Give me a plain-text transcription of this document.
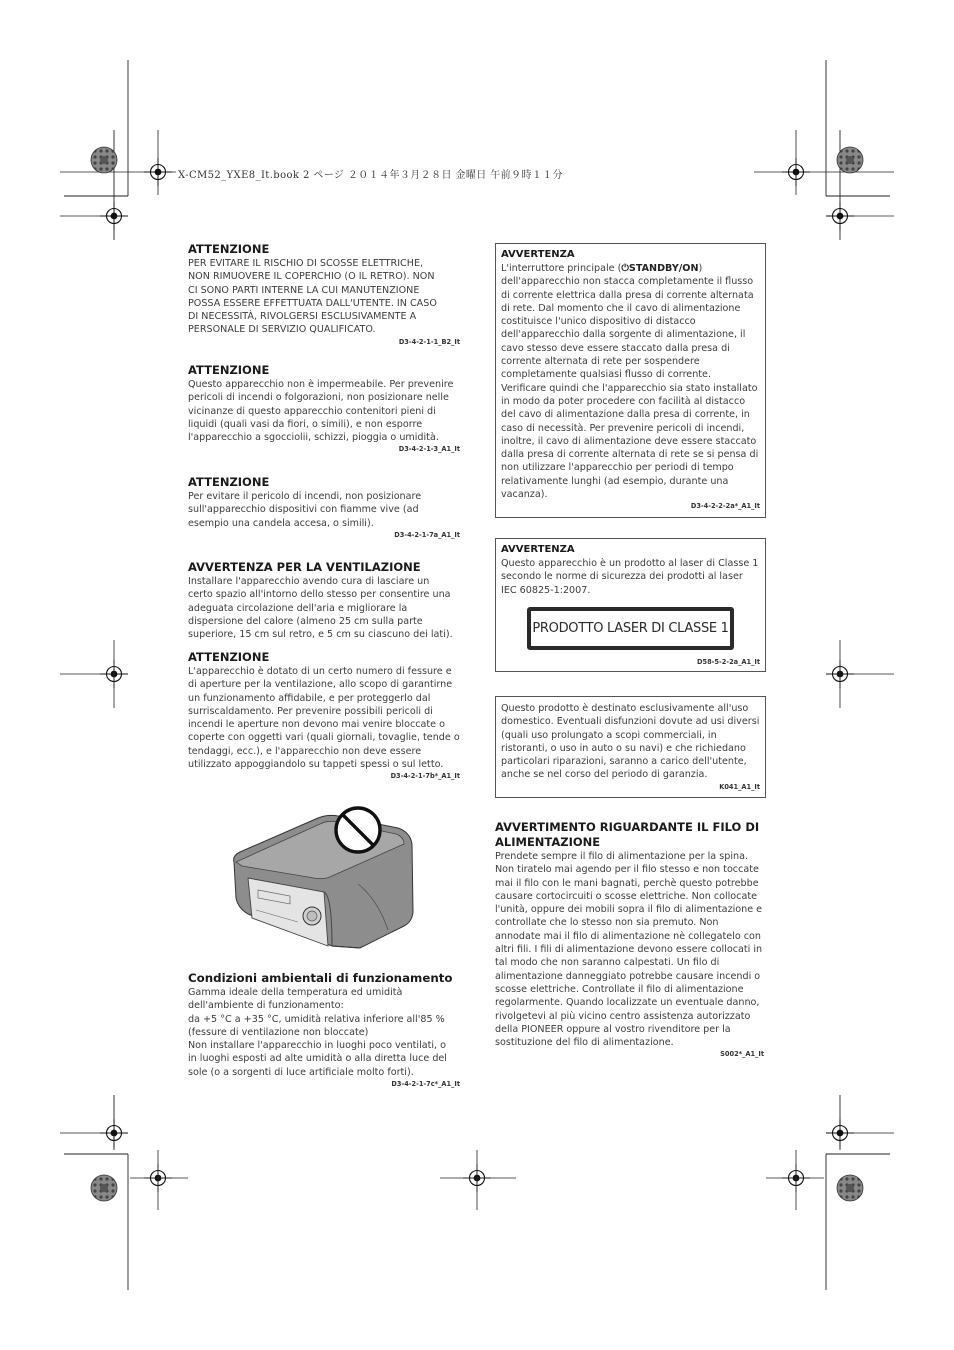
X-CM52_YXE8_It.book 2 ページ ２０１４年３月２８日 金曜日 午前９時１１分
ATTENZIONE
PER EVITARE IL RISCHIO DI SCOSSE ELETTRICHE,
NON RIMUOVERE IL COPERCHIO (O IL RETRO). NON
CI SONO PARTI INTERNE LA CUI MANUTENZIONE
POSSA ESSERE EFFETTUATA DALL'UTENTE. IN CASO
DI NECESSITÀ, RIVOLGERSI ESCLUSIVAMENTE A
PERSONALE DI SERVIZIO QUALIFICATO.
D3-4-2-1-1_B2_It
ATTENZIONE
Questo apparecchio non è impermeabile. Per prevenire
pericoli di incendi o folgorazioni, non posizionare nelle
vicinanze di questo apparecchio contenitori pieni di
liquidi (quali vasi da fiori, o simili), e non esporre
l'apparecchio a sgocciolii, schizzi, pioggia o umidità.
D3-4-2-1-3_A1_It
ATTENZIONE
Per evitare il pericolo di incendi, non posizionare
sull'apparecchio dispositivi con fiamme vive (ad
esempio una candela accesa, o simili).
D3-4-2-1-7a_A1_It
AVVERTENZA PER LA VENTILAZIONE
Installare l'apparecchio avendo cura di lasciare un
certo spazio all'intorno dello stesso per consentire una
adeguata circolazione dell'aria e migliorare la
dispersione del calore (almeno 25 cm sulla parte
superiore, 15 cm sul retro, e 5 cm su ciascuno dei lati).
ATTENZIONE
L'apparecchio è dotato di un certo numero di fessure e
di aperture per la ventilazione, allo scopo di garantirne
un funzionamento affidabile, e per proteggerlo dal
surriscaldamento. Per prevenire possibili pericoli di
incendi le aperture non devono mai venire bloccate o
coperte con oggetti vari (quali giornali, tovaglie, tende o
tendaggi, ecc.), e l'apparecchio non deve essere
utilizzato appoggiandolo su tappeti spessi o sul letto.
D3-4-2-1-7b*_A1_It
Condizioni ambientali di funzionamento
Gamma ideale della temperatura ed umidità
dell'ambiente di funzionamento:
da +5 °C a +35 °C, umidità relativa inferiore all'85 %
(fessure di ventilazione non bloccate)
Non installare l'apparecchio in luoghi poco ventilati, o
in luoghi esposti ad alte umidità o alla diretta luce del
sole (o a sorgenti di luce artificiale molto forti).
D3-4-2-1-7c*_A1_It
AVVERTENZA
L'interruttore principale (⏻STANDBY/ON)
dell'apparecchio non stacca completamente il flusso
di corrente elettrica dalla presa di corrente alternata
di rete. Dal momento che il cavo di alimentazione
costituisce l'unico dispositivo di distacco
dell'apparecchio dalla sorgente di alimentazione, il
cavo stesso deve essere staccato dalla presa di
corrente alternata di rete per sospendere
completamente qualsiasi flusso di corrente.
Verificare quindi che l'apparecchio sia stato installato
in modo da poter procedere con facilità al distacco
del cavo di alimentazione dalla presa di corrente, in
caso di necessità. Per prevenire pericoli di incendi,
inoltre, il cavo di alimentazione deve essere staccato
dalla presa di corrente alternata di rete se si pensa di
non utilizzare l'apparecchio per periodi di tempo
relativamente lunghi (ad esempio, durante una
vacanza).
D3-4-2-2-2a*_A1_It
AVVERTENZA
Questo apparecchio è un prodotto al laser di Classe 1
secondo le norme di sicurezza dei prodotti al laser
IEC 60825-1:2007.
D58-5-2-2a_A1_It
PRODOTTO LASER DI CLASSE 1
Questo prodotto è destinato esclusivamente all'uso
domestico. Eventuali disfunzioni dovute ad usi diversi
(quali uso prolungato a scopi commerciali, in
ristoranti, o uso in auto o su navi) e che richiedano
particolari riparazioni, saranno a carico dell'utente,
anche se nel corso del periodo di garanzia.
K041_A1_It
AVVERTIMENTO RIGUARDANTE IL FILO DI
ALIMENTAZIONE
Prendete sempre il filo di alimentazione per la spina.
Non tiratelo mai agendo per il filo stesso e non toccate
mai il filo con le mani bagnati, perchè questo potrebbe
causare cortocircuiti o scosse elettriche. Non collocate
l'unità, oppure dei mobili sopra il filo di alimentazione e
controllate che lo stesso non sia premuto. Non
annodate mai il filo di alimentazione nè collegatelo con
altri fili. I fili di alimentazione devono essere collocati in
tal modo che non saranno calpestati. Un filo di
alimentazione danneggiato potrebbe causare incendi o
scosse elettriche. Controllate il filo di alimentazione
regolarmente. Quando localizzate un eventuale danno,
rivolgetevi al più vicino centro assistenza autorizzato
della PIONEER oppure al vostro rivenditore per la
sostituzione del filo di alimentazione.
S002*_A1_It
